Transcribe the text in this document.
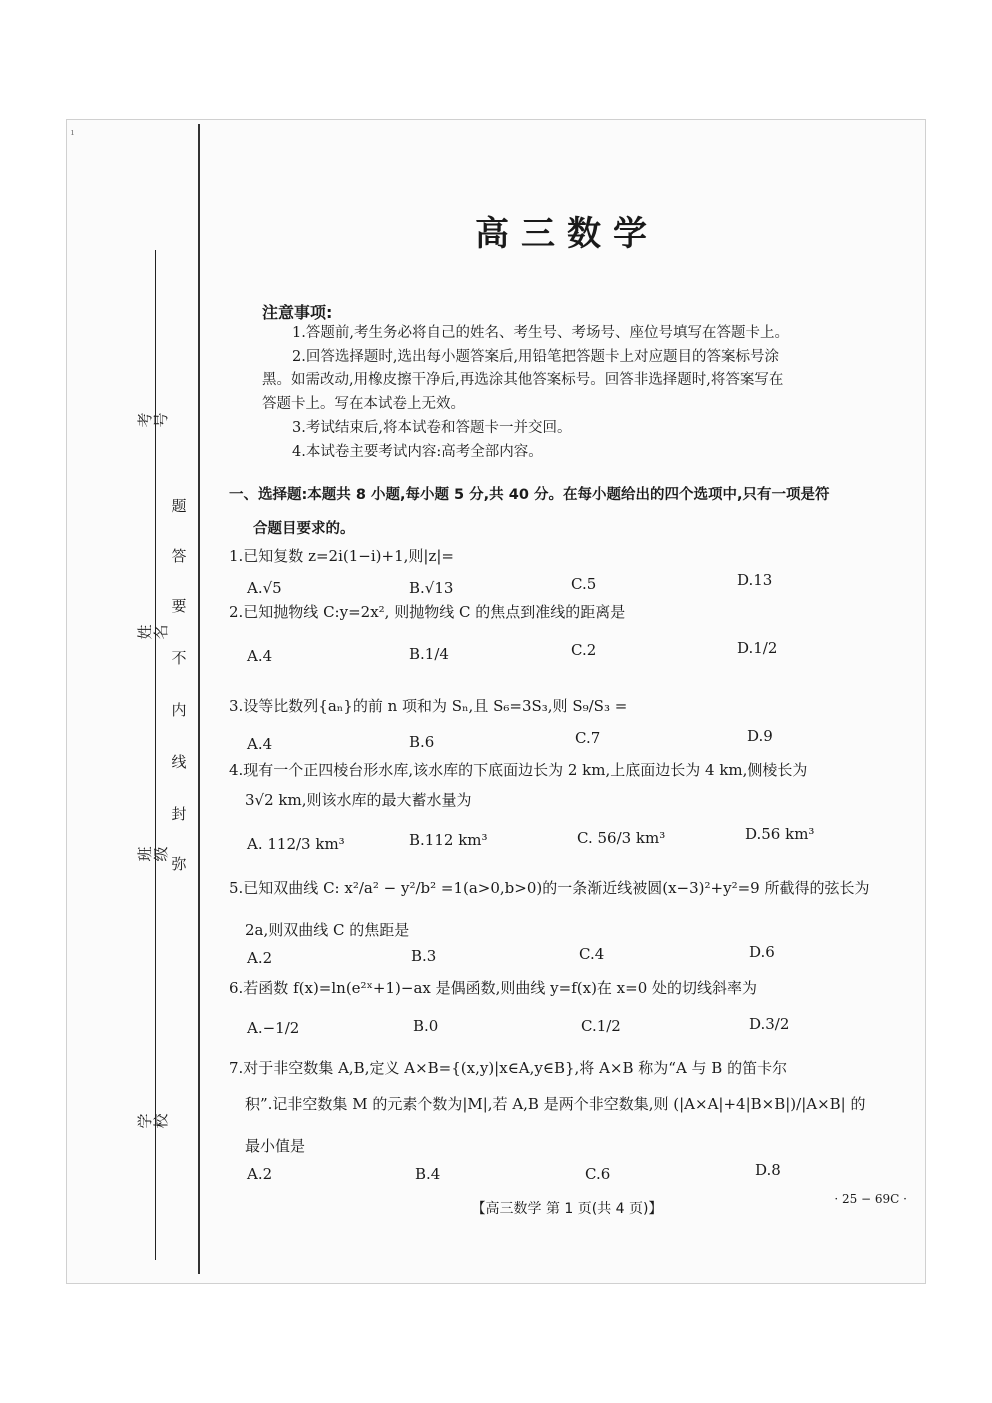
ı
考号
姓名
班级
学校
题
答
要
不
内
线
封
弥
高三数学
注意事项:
1.答题前,考生务必将自己的姓名、考生号、考场号、座位号填写在答题卡上。
2.回答选择题时,选出每小题答案后,用铅笔把答题卡上对应题目的答案标号涂
黑。如需改动,用橡皮擦干净后,再选涂其他答案标号。回答非选择题时,将答案写在
答题卡上。写在本试卷上无效。
3.考试结束后,将本试卷和答题卡一并交回。
4.本试卷主要考试内容:高考全部内容。
一、选择题:本题共 8 小题,每小题 5 分,共 40 分。在每小题给出的四个选项中,只有一项是符
合题目要求的。
1.已知复数 z=2i(1−i)+1,则|z|=
A.√5	B.√13	C.5	D.13
2.已知抛物线 C:y=2x², 则抛物线 C 的焦点到准线的距离是
A.4	B.1/4	C.2	D.1/2
3.设等比数列{aₙ}的前 n 项和为 Sₙ,且 S₆=3S₃,则 S₉/S₃ =
A.4	B.6	C.7	D.9
4.现有一个正四棱台形水库,该水库的下底面边长为 2 km,上底面边长为 4 km,侧棱长为
3√2 km,则该水库的最大蓄水量为
A. 112/3 km³	B.112 km³	C. 56/3 km³	D.56 km³
5.已知双曲线 C: x²/a² − y²/b² =1(a>0,b>0)的一条渐近线被圆(x−3)²+y²=9 所截得的弦长为
2a,则双曲线 C 的焦距是
A.2	B.3	C.4	D.6
6.若函数 f(x)=ln(e²ˣ+1)−ax 是偶函数,则曲线 y=f(x)在 x=0 处的切线斜率为
A.−1/2	B.0	C.1/2	D.3/2
7.对于非空数集 A,B,定义 A×B={(x,y)|x∈A,y∈B},将 A×B 称为“A 与 B 的笛卡尔
积”.记非空数集 M 的元素个数为|M|,若 A,B 是两个非空数集,则 (|A×A|+4|B×B|)/|A×B| 的
最小值是
A.2	B.4	C.6	D.8
【高三数学 第 1 页(共 4 页)】
· 25 − 69C ·
